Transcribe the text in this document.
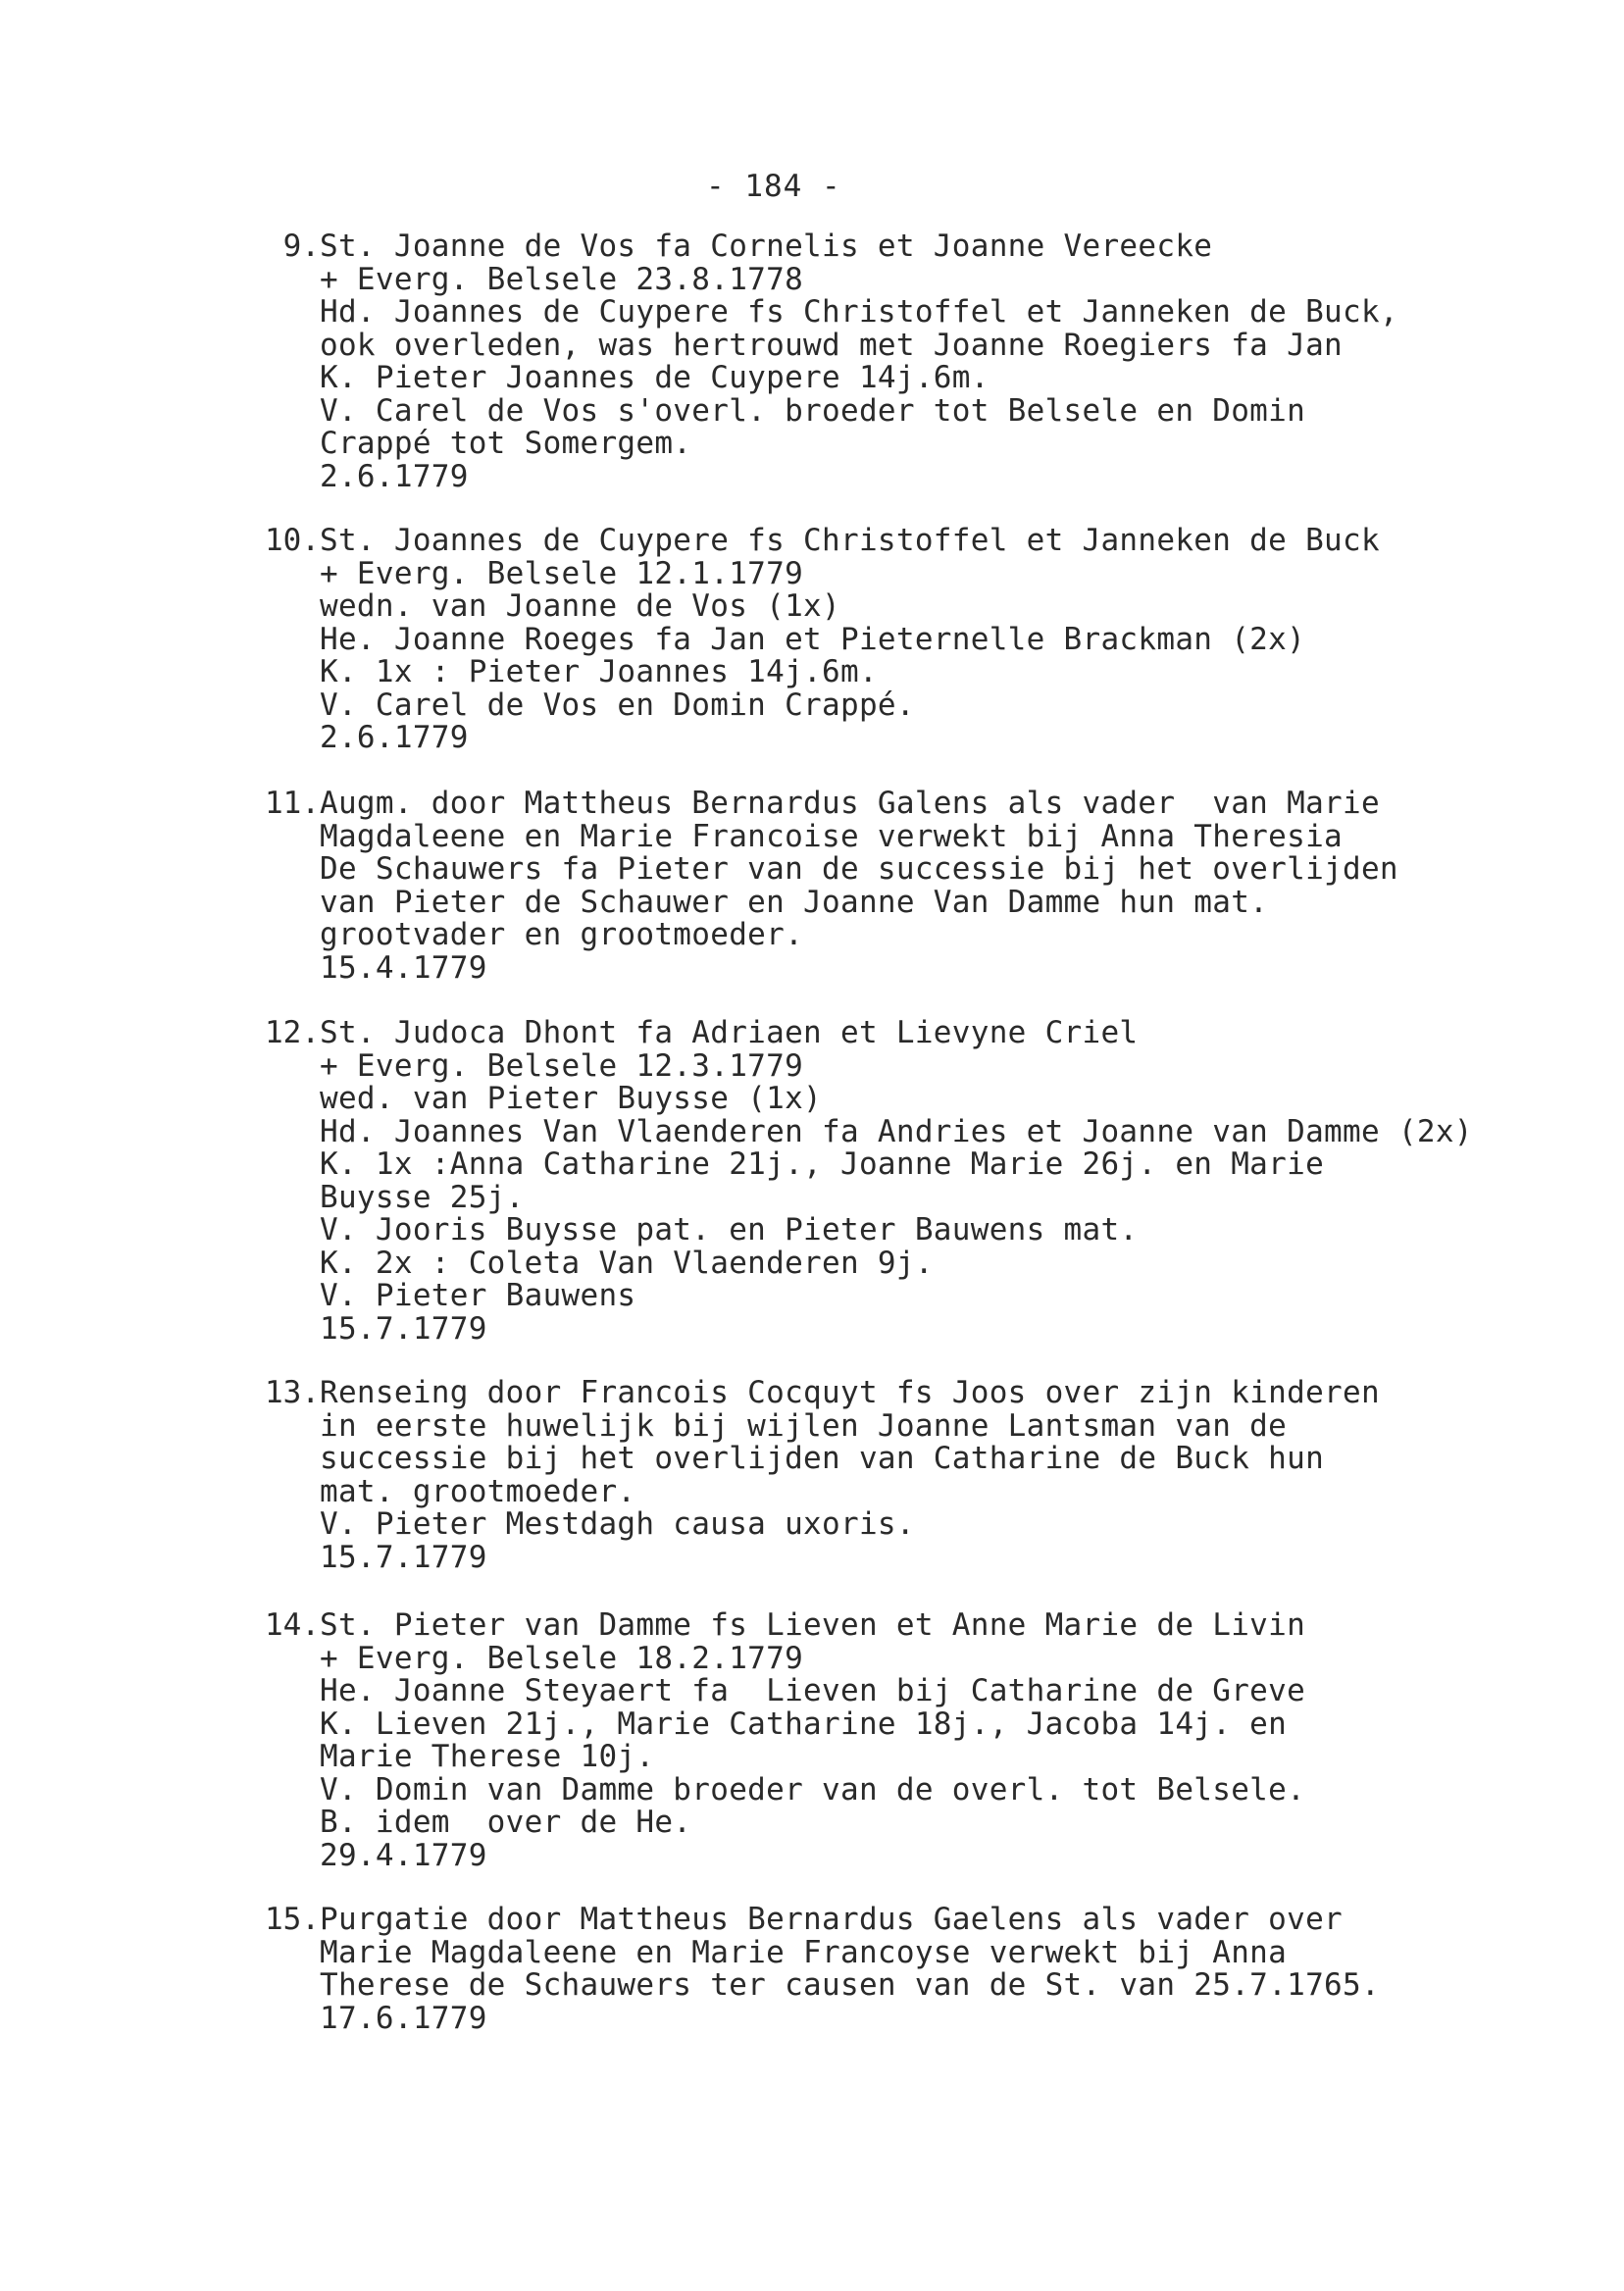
- 184 -
9. St. Joanne de Vos fa Cornelis et Joanne Vereecke
+ Everg. Belsele 23.8.1778
Hd. Joannes de Cuypere fs Christoffel et Janneken de Buck,
ook overleden, was hertrouwd met Joanne Roegiers fa Jan
K. Pieter Joannes de Cuypere 14j.6m.
V. Carel de Vos s'overl. broeder tot Belsele en Domin
Crappé tot Somergem.
2.6.1779
10. St. Joannes de Cuypere fs Christoffel et Janneken de Buck
+ Everg. Belsele 12.1.1779
wedn. van Joanne de Vos (1x)
He. Joanne Roeges fa Jan et Pieternelle Brackman (2x)
K. 1x : Pieter Joannes 14j.6m.
V. Carel de Vos en Domin Crappé.
2.6.1779
11. Augm. door Mattheus Bernardus Galens als vader  van Marie
Magdaleene en Marie Francoise verwekt bij Anna Theresia
De Schauwers fa Pieter van de successie bij het overlijden
van Pieter de Schauwer en Joanne Van Damme hun mat.
grootvader en grootmoeder.
15.4.1779
12. St. Judoca Dhont fa Adriaen et Lievyne Criel
+ Everg. Belsele 12.3.1779
wed. van Pieter Buysse (1x)
Hd. Joannes Van Vlaenderen fa Andries et Joanne van Damme (2x)
K. 1x :Anna Catharine 21j., Joanne Marie 26j. en Marie
Buysse 25j.
V. Jooris Buysse pat. en Pieter Bauwens mat.
K. 2x : Coleta Van Vlaenderen 9j.
V. Pieter Bauwens
15.7.1779
13. Renseing door Francois Cocquyt fs Joos over zijn kinderen
in eerste huwelijk bij wijlen Joanne Lantsman van de
successie bij het overlijden van Catharine de Buck hun
mat. grootmoeder.
V. Pieter Mestdagh causa uxoris.
15.7.1779
14. St. Pieter van Damme fs Lieven et Anne Marie de Livin
+ Everg. Belsele 18.2.1779
He. Joanne Steyaert fa  Lieven bij Catharine de Greve
K. Lieven 21j., Marie Catharine 18j., Jacoba 14j. en
Marie Therese 10j.
V. Domin van Damme broeder van de overl. tot Belsele.
B. idem  over de He.
29.4.1779
15. Purgatie door Mattheus Bernardus Gaelens als vader over
Marie Magdaleene en Marie Francoyse verwekt bij Anna
Therese de Schauwers ter causen van de St. van 25.7.1765.
17.6.1779
